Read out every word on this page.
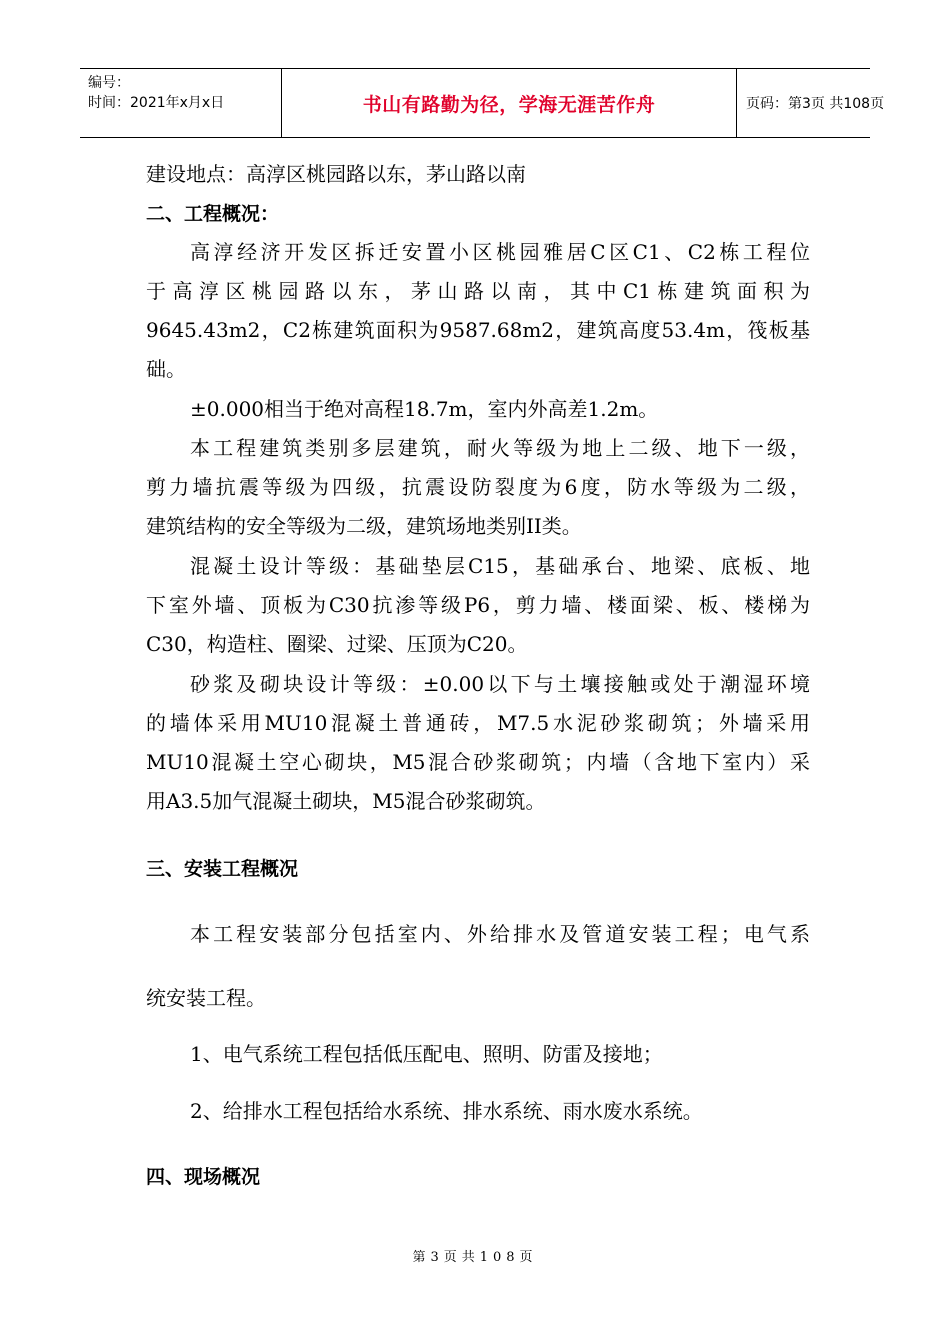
编号：
时间：2021年x月x日	书山有路勤为径，学海无涯苦作舟	页码：第3页 共108页
建设地点：高淳区桃园路以东，茅山路以南
二、工程概况：
高淳经济开发区拆迁安置小区桃园雅居C区C1、C2栋工程位
于高淳区桃园路以东，茅山路以南，其中C1栋建筑面积为
9645.43m2，C2栋建筑面积为9587.68m2，建筑高度53.4m，筏板基
础。
±0.000相当于绝对高程18.7m，室内外高差1.2m。
本工程建筑类别多层建筑，耐火等级为地上二级、地下一级，
剪力墙抗震等级为四级，抗震设防裂度为6度，防水等级为二级，
建筑结构的安全等级为二级，建筑场地类别II类。
混凝土设计等级：基础垫层C15，基础承台、地梁、底板、地
下室外墙、顶板为C30抗渗等级P6，剪力墙、楼面梁、板、楼梯为
C30，构造柱、圈梁、过梁、压顶为C20。
砂浆及砌块设计等级：±0.00以下与土壤接触或处于潮湿环境
的墙体采用MU10混凝土普通砖，M7.5水泥砂浆砌筑；外墙采用
MU10混凝土空心砌块，M5混合砂浆砌筑；内墙（含地下室内）采
用A3.5加气混凝土砌块，M5混合砂浆砌筑。
三、安装工程概况
本工程安装部分包括室内、外给排水及管道安装工程；电气系
统安装工程。
1、电气系统工程包括低压配电、照明、防雷及接地；
2、给排水工程包括给水系统、排水系统、雨水废水系统。
四、现场概况
第3页共108页
